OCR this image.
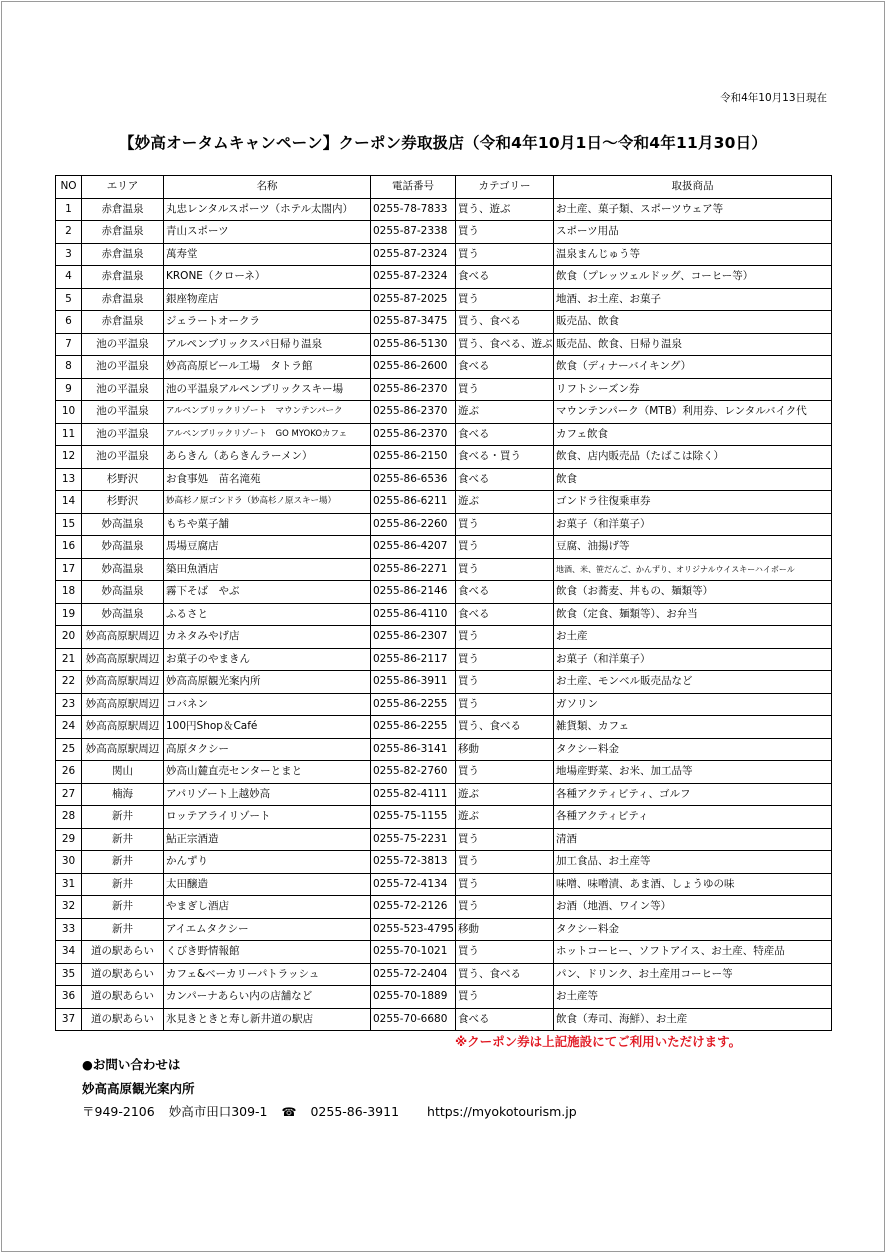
令和4年10月13日現在
【妙高オータムキャンペーン】クーポン券取扱店（令和4年10月1日～令和4年11月30日）
NO	エリア	名称	電話番号	カテゴリー	取扱商品
1	赤倉温泉	丸忠レンタルスポーツ（ホテル太閤内）	0255-78-7833	買う、遊ぶ	お土産、菓子類、スポーツウェア等
2	赤倉温泉	青山スポーツ	0255-87-2338	買う	スポーツ用品
3	赤倉温泉	萬寿堂	0255-87-2324	買う	温泉まんじゅう等
4	赤倉温泉	KRONE（クローネ）	0255-87-2324	食べる	飲食（プレッツェルドッグ、コーヒー等）
5	赤倉温泉	銀座物産店	0255-87-2025	買う	地酒、お土産、お菓子
6	赤倉温泉	ジェラートオークラ	0255-87-3475	買う、食べる	販売品、飲食
7	池の平温泉	アルペンブリックスパ日帰り温泉	0255-86-5130	買う、食べる、遊ぶ	販売品、飲食、日帰り温泉
8	池の平温泉	妙高高原ビール工場　タトラ館	0255-86-2600	食べる	飲食（ディナーバイキング）
9	池の平温泉	池の平温泉アルペンブリックスキー場	0255-86-2370	買う	リフトシーズン券
10	池の平温泉	アルペンブリックリゾート　マウンテンパーク	0255-86-2370	遊ぶ	マウンテンパーク（MTB）利用券、レンタルバイク代
11	池の平温泉	アルペンブリックリゾート　GO MYOKOカフェ	0255-86-2370	食べる	カフェ飲食
12	池の平温泉	あらきん（あらきんラーメン）	0255-86-2150	食べる・買う	飲食、店内販売品（たばこは除く）
13	杉野沢	お食事処　苗名滝苑	0255-86-6536	食べる	飲食
14	杉野沢	妙高杉ノ原ゴンドラ（妙高杉ノ原スキー場）	0255-86-6211	遊ぶ	ゴンドラ往復乗車券
15	妙高温泉	もちや菓子舗	0255-86-2260	買う	お菓子（和洋菓子）
16	妙高温泉	馬場豆腐店	0255-86-4207	買う	豆腐、油揚げ等
17	妙高温泉	築田魚酒店	0255-86-2271	買う	地酒、米、笹だんご、かんずり、オリジナルウイスキーハイボール
18	妙高温泉	霧下そば　やぶ	0255-86-2146	食べる	飲食（お蕎麦、丼もの、麺類等）
19	妙高温泉	ふるさと	0255-86-4110	食べる	飲食（定食、麺類等）、お弁当
20	妙高高原駅周辺	カネタみやげ店	0255-86-2307	買う	お土産
21	妙高高原駅周辺	お菓子のやまきん	0255-86-2117	買う	お菓子（和洋菓子）
22	妙高高原駅周辺	妙高高原観光案内所	0255-86-3911	買う	お土産、モンベル販売品など
23	妙高高原駅周辺	コバネン	0255-86-2255	買う	ガソリン
24	妙高高原駅周辺	100円Shop＆Café	0255-86-2255	買う、食べる	雑貨類、カフェ
25	妙高高原駅周辺	高原タクシー	0255-86-3141	移動	タクシー料金
26	関山	妙高山麓直売センターとまと	0255-82-2760	買う	地場産野菜、お米、加工品等
27	楠海	アパリゾート上越妙高	0255-82-4111	遊ぶ	各種アクティビティ、ゴルフ
28	新井	ロッテアライリゾート	0255-75-1155	遊ぶ	各種アクティビティ
29	新井	鮎正宗酒造	0255-75-2231	買う	清酒
30	新井	かんずり	0255-72-3813	買う	加工食品、お土産等
31	新井	太田醸造	0255-72-4134	買う	味噌、味噌漬、あま酒、しょうゆの味
32	新井	やまぎし酒店	0255-72-2126	買う	お酒（地酒、ワイン等）
33	新井	アイエムタクシー	0255-523-4795	移動	タクシー料金
34	道の駅あらい	くびき野情報館	0255-70-1021	買う	ホットコーヒー、ソフトアイス、お土産、特産品
35	道の駅あらい	カフェ&ベーカリーパトラッシュ	0255-72-2404	買う、食べる	パン、ドリンク、お土産用コーヒー等
36	道の駅あらい	カンパーナあらい内の店舗など	0255-70-1889	買う	お土産等
37	道の駅あらい	氷見きときと寿し新井道の駅店	0255-70-6680	食べる	飲食（寿司、海鮮）、お土産
※クーポン券は上記施設にてご利用いただけます。
●お問い合わせは
妙高高原観光案内所
〒949-2106 妙高市田口309-1 ☎ 0255-86-3911 https://myokotourism.jp
